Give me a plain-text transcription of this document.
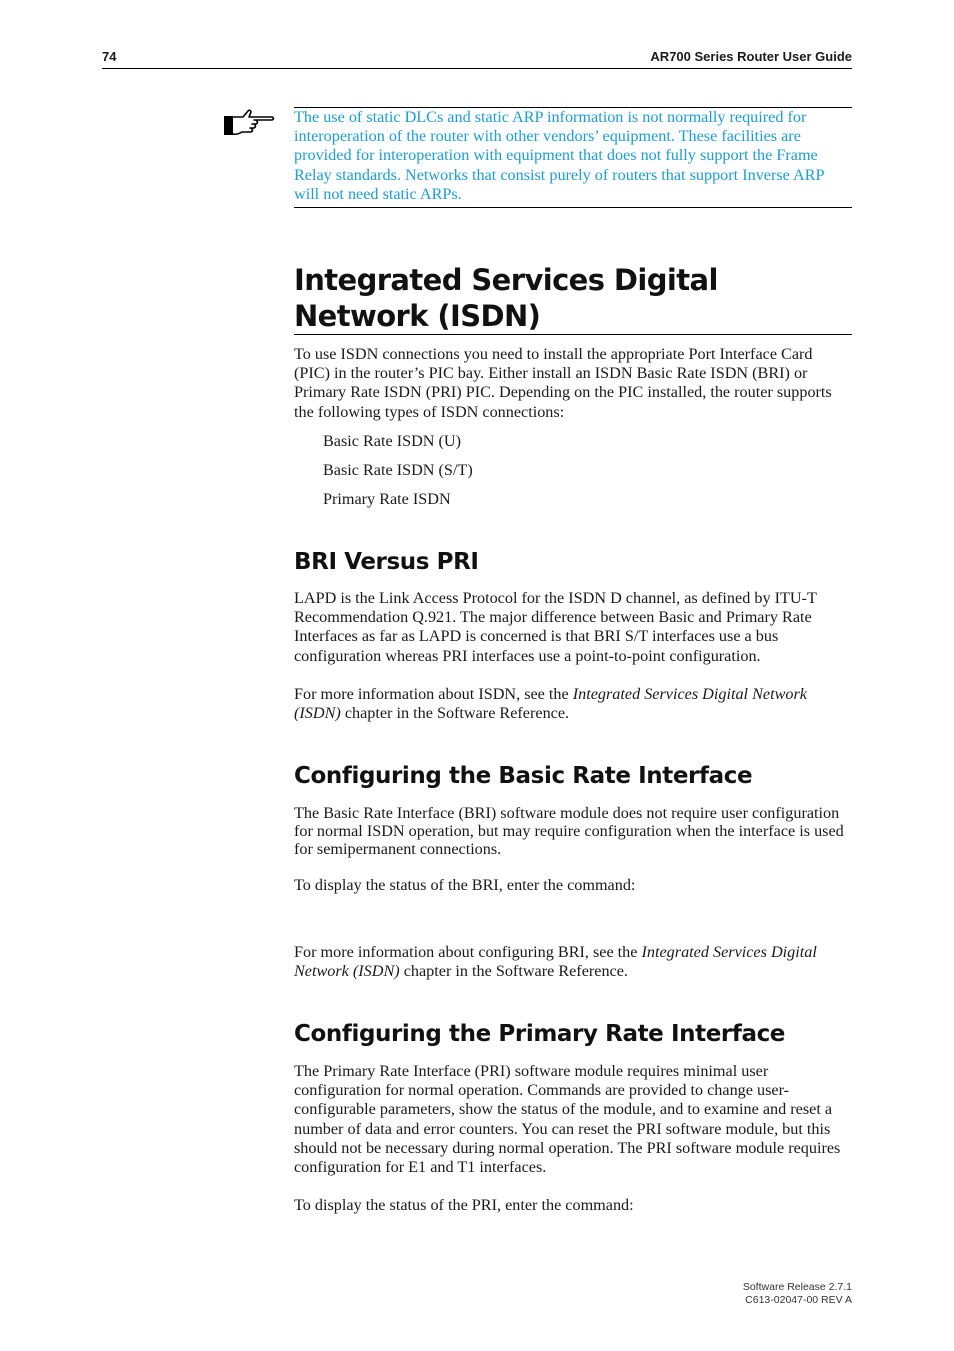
74	AR700 Series Router User Guide

The use of static DLCs and static ARP information is not normally required for interoperation of the router with other vendors’ equipment. These facilities are provided for interoperation with equipment that does not fully support the Frame Relay standards. Networks that consist purely of routers that support Inverse ARP will not need static ARPs.

Integrated Services Digital Network (ISDN)

To use ISDN connections you need to install the appropriate Port Interface Card (PIC) in the router’s PIC bay. Either install an ISDN Basic Rate ISDN (BRI) or Primary Rate ISDN (PRI) PIC. Depending on the PIC installed, the router supports the following types of ISDN connections:

Basic Rate ISDN (U)

Basic Rate ISDN (S/T)

Primary Rate ISDN

BRI Versus PRI

LAPD is the Link Access Protocol for the ISDN D channel, as defined by ITU-T Recommendation Q.921. The major difference between Basic and Primary Rate Interfaces as far as LAPD is concerned is that BRI S/T interfaces use a bus configuration whereas PRI interfaces use a point-to-point configuration.

For more information about ISDN, see the Integrated Services Digital Network (ISDN) chapter in the Software Reference.

Configuring the Basic Rate Interface

The Basic Rate Interface (BRI) software module does not require user configuration for normal ISDN operation, but may require configuration when the interface is used for semipermanent connections.

To display the status of the BRI, enter the command:

For more information about configuring BRI, see the Integrated Services Digital Network (ISDN) chapter in the Software Reference.

Configuring the Primary Rate Interface

The Primary Rate Interface (PRI) software module requires minimal user configuration for normal operation. Commands are provided to change user-configurable parameters, show the status of the module, and to examine and reset a number of data and error counters. You can reset the PRI software module, but this should not be necessary during normal operation. The PRI software module requires configuration for E1 and T1 interfaces.

To display the status of the PRI, enter the command:

Software Release 2.7.1
C613-02047-00 REV A
